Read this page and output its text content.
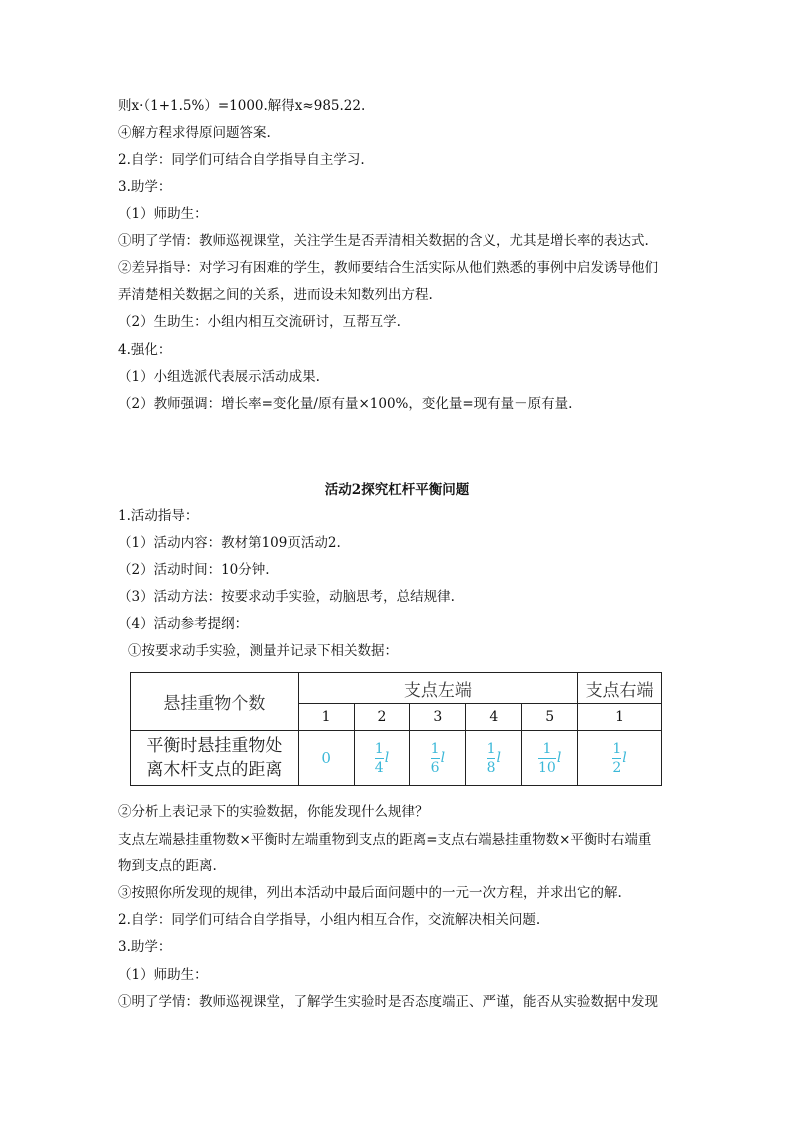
则x·（1+1.5%）=1000.解得x≈985.22.
④解方程求得原问题答案.
2.自学：同学们可结合自学指导自主学习.
3.助学：
（1）师助生：
①明了学情：教师巡视课堂，关注学生是否弄清相关数据的含义，尤其是增长率的表达式.
②差异指导：对学习有困难的学生，教师要结合生活实际从他们熟悉的事例中启发诱导他们
弄清楚相关数据之间的关系，进而设未知数列出方程.
（2）生助生：小组内相互交流研讨，互帮互学.
4.强化：
（1）小组选派代表展示活动成果.
（2）教师强调：增长率=变化量/原有量×100%，变化量=现有量－原有量.
活动2探究杠杆平衡问题
1.活动指导：
（1）活动内容：教材第109页活动2.
（2）活动时间：10分钟.
（3）活动方法：按要求动手实验，动脑思考，总结规律.
（4）活动参考提纲：
①按要求动手实验，测量并记录下相关数据：
悬挂重物个数	支点左端					支点右端
	1	2	3	4	5	1
平衡时悬挂重物处
离木杆支点的距离	0	$\frac{1}{4}$ l	$\frac{1}{6}$ l	$\frac{1}{8}$ l	$\frac{1}{10}$ l	$\frac{1}{2}$ l
②分析上表记录下的实验数据，你能发现什么规律？
支点左端悬挂重物数×平衡时左端重物到支点的距离=支点右端悬挂重物数×平衡时右端重
物到支点的距离.
③按照你所发现的规律，列出本活动中最后面问题中的一元一次方程，并求出它的解.
2.自学：同学们可结合自学指导，小组内相互合作，交流解决相关问题.
3.助学：
（1）师助生：
①明了学情：教师巡视课堂，了解学生实验时是否态度端正、严谨，能否从实验数据中发现
